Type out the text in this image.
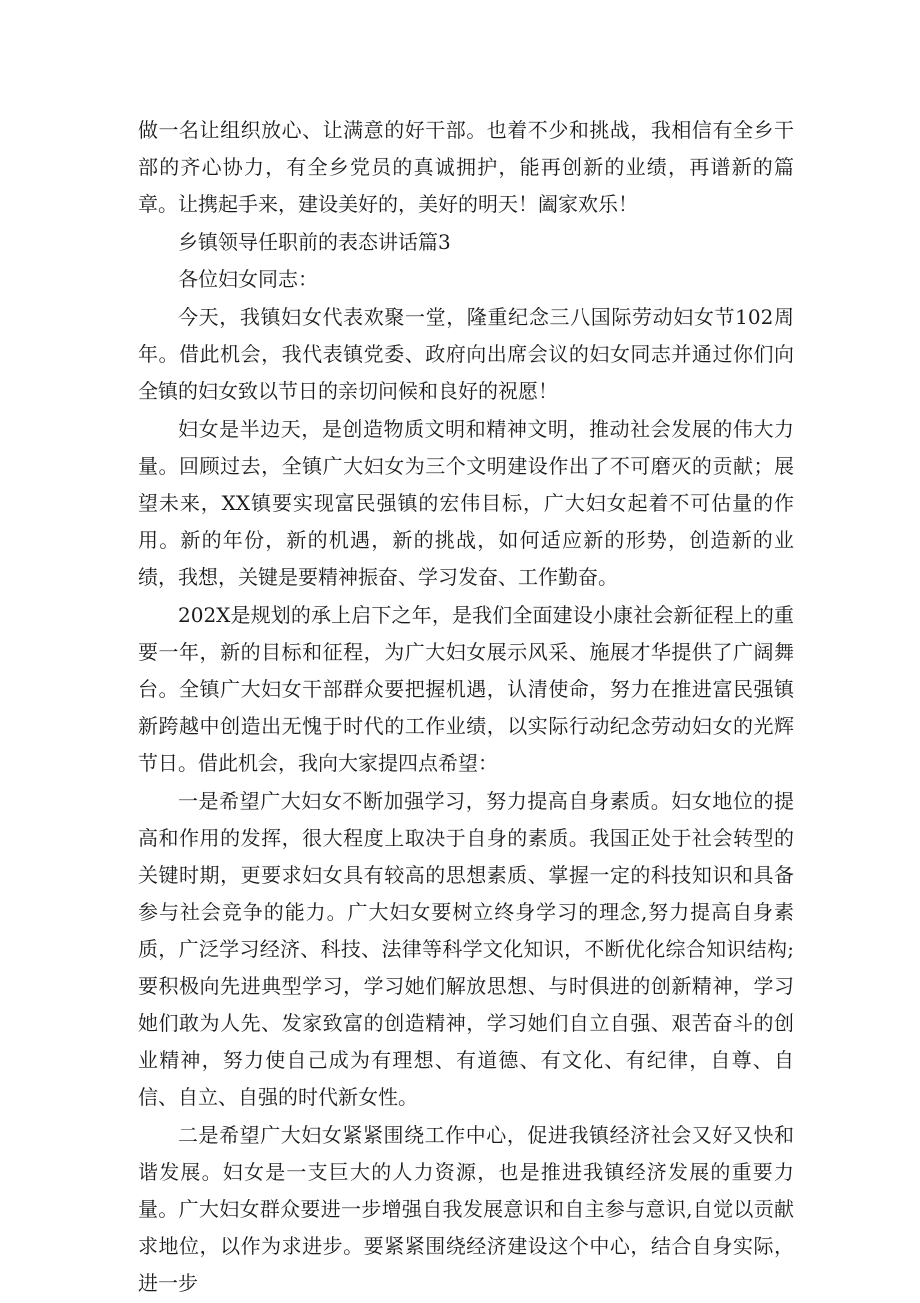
做一名让组织放心、让满意的好干部。也着不少和挑战，我相信有全乡干部的齐心协力，有全乡党员的真诚拥护，能再创新的业绩，再谱新的篇章。让携起手来，建设美好的，美好的明天！阖家欢乐！

乡镇领导任职前的表态讲话篇3

各位妇女同志：

今天，我镇妇女代表欢聚一堂，隆重纪念三八国际劳动妇女节102周年。借此机会，我代表镇党委、政府向出席会议的妇女同志并通过你们向全镇的妇女致以节日的亲切问候和良好的祝愿！

妇女是半边天，是创造物质文明和精神文明，推动社会发展的伟大力量。回顾过去，全镇广大妇女为三个文明建设作出了不可磨灭的贡献；展望未来，XX镇要实现富民强镇的宏伟目标，广大妇女起着不可估量的作用。新的年份，新的机遇，新的挑战，如何适应新的形势，创造新的业绩，我想，关键是要精神振奋、学习发奋、工作勤奋。

202X是规划的承上启下之年，是我们全面建设小康社会新征程上的重要一年，新的目标和征程，为广大妇女展示风采、施展才华提供了广阔舞台。全镇广大妇女干部群众要把握机遇，认清使命，努力在推进富民强镇新跨越中创造出无愧于时代的工作业绩，以实际行动纪念劳动妇女的光辉节日。借此机会，我向大家提四点希望：

一是希望广大妇女不断加强学习，努力提高自身素质。妇女地位的提高和作用的发挥，很大程度上取决于自身的素质。我国正处于社会转型的关键时期，更要求妇女具有较高的思想素质、掌握一定的科技知识和具备参与社会竞争的能力。广大妇女要树立终身学习的理念,努力提高自身素质，广泛学习经济、科技、法律等科学文化知识，不断优化综合知识结构;要积极向先进典型学习，学习她们解放思想、与时俱进的创新精神，学习她们敢为人先、发家致富的创造精神，学习她们自立自强、艰苦奋斗的创业精神，努力使自己成为有理想、有道德、有文化、有纪律，自尊、自信、自立、自强的时代新女性。

二是希望广大妇女紧紧围绕工作中心，促进我镇经济社会又好又快和谐发展。妇女是一支巨大的人力资源，也是推进我镇经济发展的重要力量。广大妇女群众要进一步增强自我发展意识和自主参与意识,自觉以贡献求地位，以作为求进步。要紧紧围绕经济建设这个中心，结合自身实际，进一步
